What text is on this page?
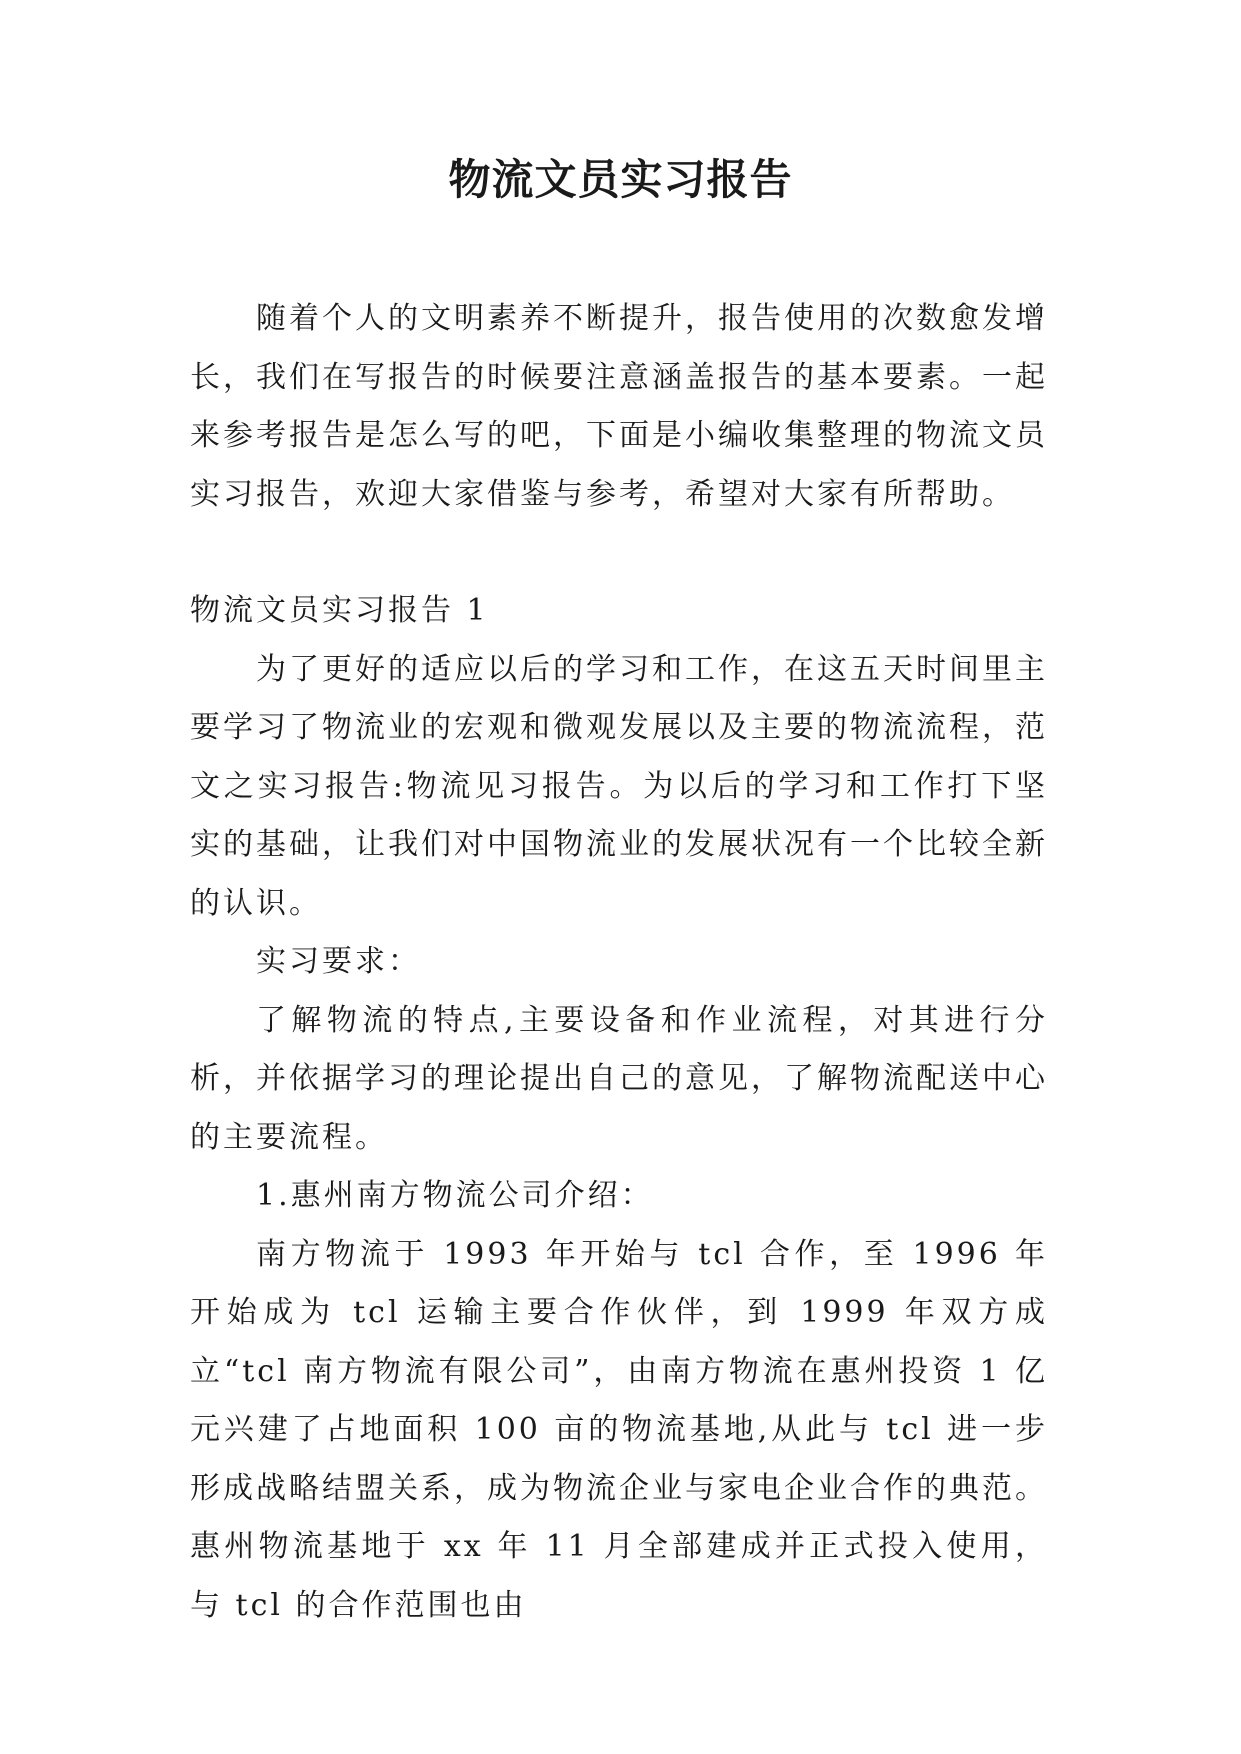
物流文员实习报告

随着个人的文明素养不断提升，报告使用的次数愈发增长，我们在写报告的时候要注意涵盖报告的基本要素。一起来参考报告是怎么写的吧，下面是小编收集整理的物流文员实习报告，欢迎大家借鉴与参考，希望对大家有所帮助。

物流文员实习报告 1

为了更好的适应以后的学习和工作，在这五天时间里主要学习了物流业的宏观和微观发展以及主要的物流流程，范文之实习报告:物流见习报告。为以后的学习和工作打下坚实的基础，让我们对中国物流业的发展状况有一个比较全新的认识。

实习要求：

了解物流的特点,主要设备和作业流程，对其进行分析，并依据学习的理论提出自己的意见，了解物流配送中心的主要流程。

1.惠州南方物流公司介绍：

南方物流于 1993 年开始与 tcl 合作，至 1996 年开始成为 tcl 运输主要合作伙伴，到 1999 年双方成立“tcl 南方物流有限公司”，由南方物流在惠州投资 1 亿元兴建了占地面积 100 亩的物流基地,从此与 tcl 进一步形成战略结盟关系，成为物流企业与家电企业合作的典范。惠州物流基地于 xx 年 11 月全部建成并正式投入使用，与 tcl 的合作范围也由
